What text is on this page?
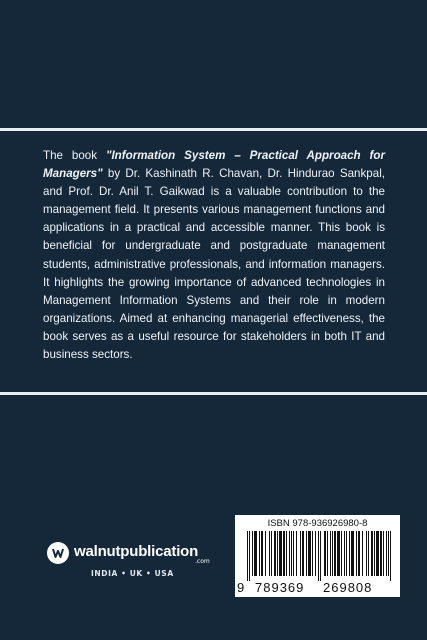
The book "Information System – Practical Approach for Managers" by Dr. Kashinath R. Chavan, Dr. Hindurao Sankpal, and Prof. Dr. Anil T. Gaikwad is a valuable contribution to the management field. It presents various management functions and applications in a practical and accessible manner. This book is beneficial for undergraduate and postgraduate management students, administrative professionals, and information managers. It highlights the growing importance of advanced technologies in Management Information Systems and their role in modern organizations. Aimed at enhancing managerial effectiveness, the book serves as a useful resource for stakeholders in both IT and business sectors.
walnutpublication
.com
INDIA • UK • USA
ISBN 978-936926980-8
9 789369 269808
